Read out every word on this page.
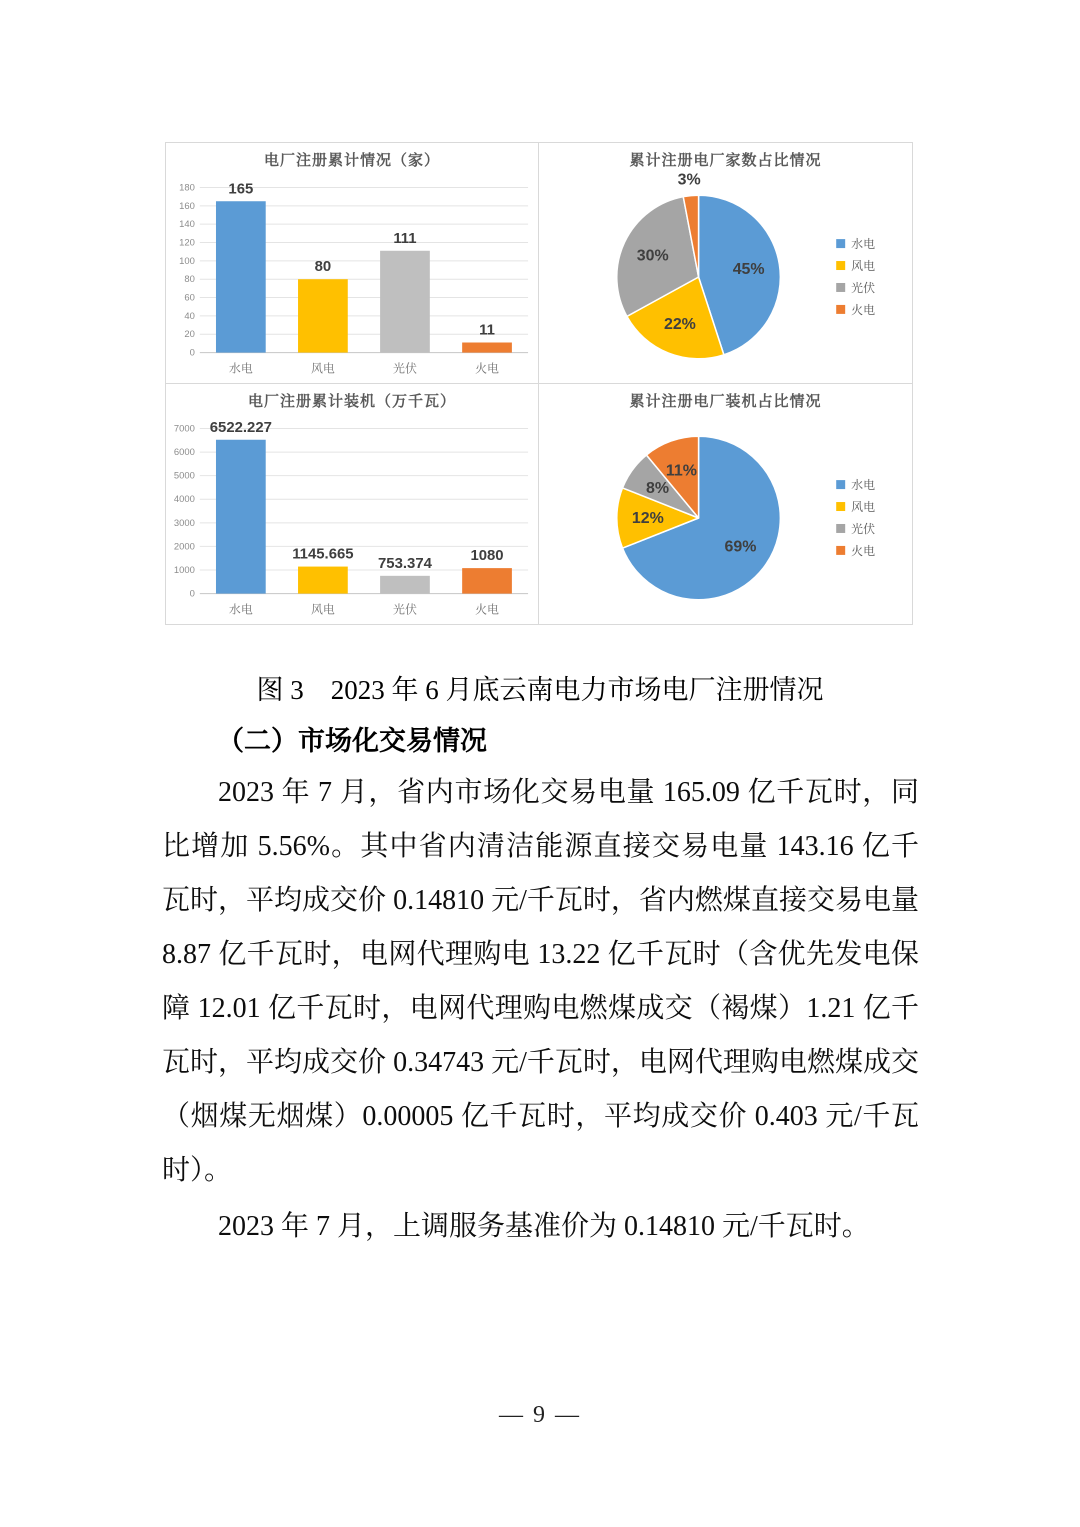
电厂注册累计情况（家）
0
20
40
60
80
100
120
140
160
180 165
水电
80
风电
111
光伏
11
火电
累计注册电厂家数占比情况
45%
22%
30%
3%
水电
风电
光伏
火电
电厂注册累计装机（万千瓦）
0
1000
2000
3000
4000
5000
6000
7000 6522.227
水电
1145.665
风电
753.374
光伏
1080
火电
累计注册电厂装机占比情况
69%
12%
8%
11%
水电
风电
光伏
火电
图 3　2023 年 6 月底云南电力市场电厂注册情况
（二）市场化交易情况

2023 年 7 月，省内市场化交易电量 165.09 亿千瓦时，同比增加 5.56%。其中省内清洁能源直接交易电量 143.16 亿千瓦时，平均成交价 0.14810 元/千瓦时，省内燃煤直接交易电量 8.87 亿千瓦时，电网代理购电 13.22 亿千瓦时（含优先发电保障 12.01 亿千瓦时，电网代理购电燃煤成交（褐煤）1.21 亿千瓦时，平均成交价 0.34743 元/千瓦时，电网代理购电燃煤成交（烟煤无烟煤）0.00005 亿千瓦时，平均成交价 0.403 元/千瓦时）。

2023 年 7 月，上调服务基准价为 0.14810 元/千瓦时。

— 9 —
